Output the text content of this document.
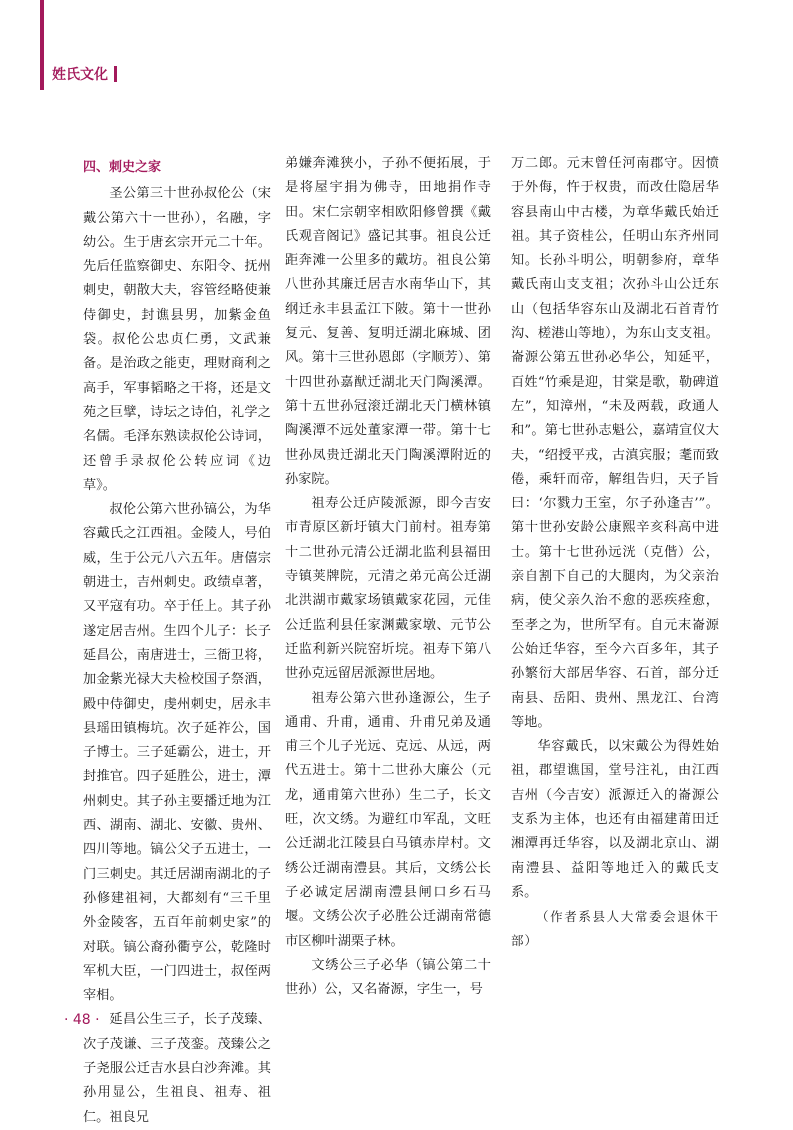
姓氏文化
四、刺史之家

圣公第三十世孙叔伦公（宋戴公第六十一世孙），名融，字幼公。生于唐玄宗开元二十年。先后任监察御史、东阳令、抚州刺史，朝散大夫，容管经略使兼侍御史，封谯县男，加紫金鱼袋。叔伦公忠贞仁勇，文武兼备。是治政之能吏，理财商利之高手，军事韬略之干将，还是文苑之巨擘，诗坛之诗伯，礼学之名儒。毛泽东熟读叔伦公诗词，还曾手录叔伦公转应词《边草》。

叔伦公第六世孙镐公，为华容戴氏之江西祖。金陵人，号伯威，生于公元八六五年。唐僖宗朝进士，吉州刺史。政绩卓著，又平寇有功。卒于任上。其子孙遂定居吉州。生四个儿子：长子延昌公，南唐进士，三衙卫将，加金紫光禄大夫检校国子祭酒，殿中侍御史，虔州刺史，居永丰县瑶田镇梅坑。次子延祚公，国子博士。三子延霸公，进士，开封推官。四子延胜公，进士，潭州刺史。其子孙主要播迁地为江西、湖南、湖北、安徽、贵州、四川等地。镐公父子五进士，一门三刺史。其迁居湖南湖北的子孙修建祖祠，大都刻有“三千里外金陵客，五百年前刺史家”的对联。镐公裔孙衢亨公，乾隆时军机大臣，一门四进士，叔侄两宰相。

延昌公生三子，长子茂臻、次子茂谦、三子茂銮。茂臻公之子尧服公迁吉水县白沙奔滩。其孙用显公，生祖良、祖寿、祖仁。祖良兄

弟嫌奔滩狭小，子孙不便拓展，于是将屋宇捐为佛寺，田地捐作寺田。宋仁宗朝宰相欧阳修曾撰《戴氏观音阁记》盛记其事。祖良公迁距奔滩一公里多的戴坊。祖良公第八世孙其廉迁居吉水南华山下，其纲迁永丰县孟江下陂。第十一世孙复元、复善、复明迁湖北麻城、团风。第十三世孙恩郎（字顺芳）、第十四世孙嘉猷迁湖北天门陶溪潭。第十五世孙冠滚迁湖北天门横林镇陶溪潭不远处董家潭一带。第十七世孙凤贵迁湖北天门陶溪潭附近的孙家院。

祖寿公迁庐陵派源，即今吉安市青原区新圩镇大门前村。祖寿第十二世孙元清公迁湖北监利县福田寺镇荚牌院，元清之弟元高公迁湖北洪湖市戴家场镇戴家花园，元佳公迁监利县任家渊戴家墩、元节公迁监利新兴院窑圻垸。祖寿下第八世孙克远留居派源世居地。

祖寿公第六世孙逢源公，生子通甫、升甫，通甫、升甫兄弟及通甫三个儿子光远、克远、从远，两代五进士。第十二世孙大廉公（元龙，通甫第六世孙）生二子，长文旺，次文绣。为避红巾军乱，文旺公迁湖北江陵县白马镇赤岸村。文绣公迁湖南澧县。其后，文绣公长子必诚定居湖南澧县闸口乡石马堰。文绣公次子必胜公迁湖南常德市区柳叶湖栗子林。

文绣公三子必华（镐公第二十世孙）公，又名崙源，字生一，号

万二郎。元末曾任河南郡守。因愤于外侮，忤于权贵，而改仕隐居华容县南山中古楼，为章华戴氏始迁祖。其子资桂公，任明山东齐州同知。长孙斗明公，明朝参府，章华戴氏南山支支祖；次孙斗山公迁东山（包括华容东山及湖北石首青竹沟、槎港山等地），为东山支支祖。崙源公第五世孙必华公，知延平，百姓“竹乘是迎，甘棠是歌，勒碑道左”，知漳州，“未及两载，政通人和”。第七世孙志魁公，嘉靖宣仪大夫，“绍授平戎，古滇宾服；耄而致倦，乘轩而帝，解组告归，天子旨曰：‘尔戮力王室，尔子孙逢吉’”。第十世孙安龄公康熙辛亥科高中进士。第十七世孙远洸（克偕）公，亲自割下自己的大腿肉，为父亲治病，使父亲久治不愈的恶疾痊愈，至孝之为，世所罕有。自元末崙源公始迁华容，至今六百多年，其子孙繁衍大部居华容、石首，部分迁南县、岳阳、贵州、黑龙江、台湾等地。

华容戴氏，以宋戴公为得姓始祖，郡望谯国，堂号注礼，由江西吉州（今吉安）派源迁入的崙源公支系为主体，也还有由福建莆田迁湘潭再迁华容，以及湖北京山、湖南澧县、益阳等地迁入的戴氏支系。

（作者系县人大常委会退休干部）

· 48 ·
